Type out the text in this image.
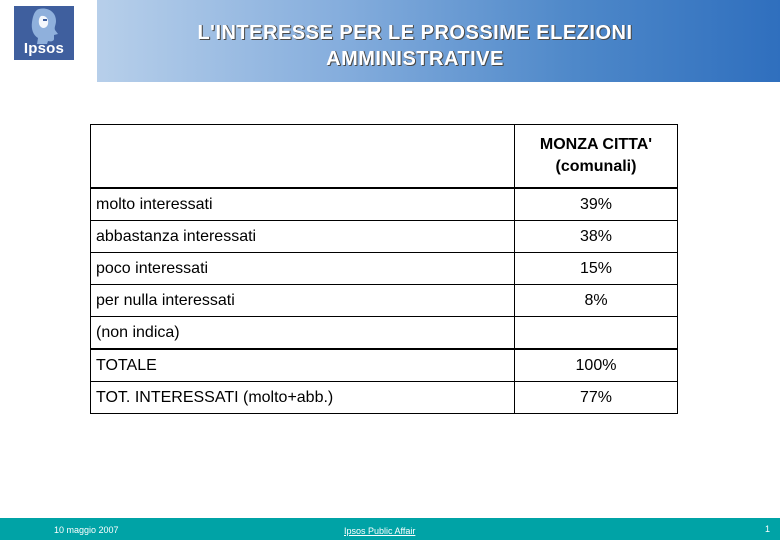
Ipsos
L'INTERESSE PER LE PROSSIME ELEZIONI
AMMINISTRATIVE

	MONZA CITTA'
(comunali)

molto interessati	39%
abbastanza interessati	38%
poco interessati	15%
per nulla interessati	8%
(non indica)	
TOTALE	100%
TOT. INTERESSATI (molto+abb.)	77%
10 maggio 2007	Ipsos Public Affair	1
